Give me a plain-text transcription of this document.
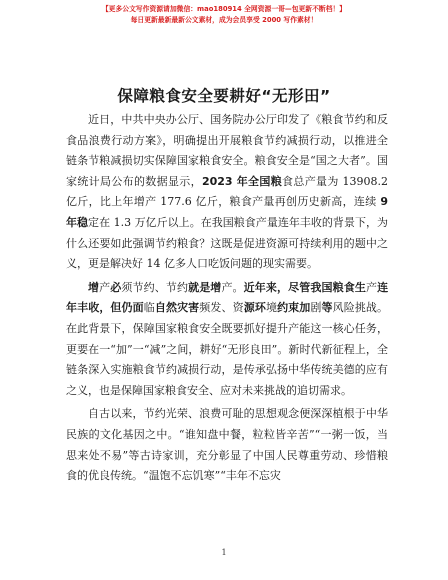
【更多公文写作资源请加微信：mao180914 全网资源一哥—包更新不断档！】
每日更新最新最新公文素材，成为会员享受 2000 写作素材！
保障粮食安全要耕好“无形田”

近日，中共中央办公厅、国务院办公厅印发了《粮食节约和反食品浪费行动方案》，明确提出开展粮食节约减损行动，以推进全链条节粮减损切实保障国家粮食安全。粮食安全是“国之大者”。国家统计局公布的数据显示，2023 年全国粮食总产量为 13908.2 亿斤，比上年增产 177.6 亿斤，粮食产量再创历史新高，连续 9 年稳定在 1.3 万亿斤以上。在我国粮食产量连年丰收的背景下，为什么还要如此强调节约粮食？这既是促进资源可持续利用的题中之义，更是解决好 14 亿多人口吃饭问题的现实需要。

增产必须节约、节约就是增产。近年来，尽管我国粮食生产连年丰收，但仍面临自然灾害频发、资源环境约束加剧等风险挑战。在此背景下，保障国家粮食安全既要抓好提升产能这一核心任务，更要在一“加”一“减”之间，耕好“无形良田”。新时代新征程上，全链条深入实施粮食节约减损行动，是传承弘扬中华传统美德的应有之义，也是保障国家粮食安全、应对未来挑战的追切需求。

自古以来，节约光荣、浪费可耻的思想观念便深深植根于中华民族的文化基因之中。“谁知盘中餐，粒粒皆辛苦”“一粥一饭，当思来处不易”等古诗家训，充分彰显了中国人民尊重劳动、珍惜粮食的优良传统。“温饱不忘饥寒”“丰年不忘灾

1
